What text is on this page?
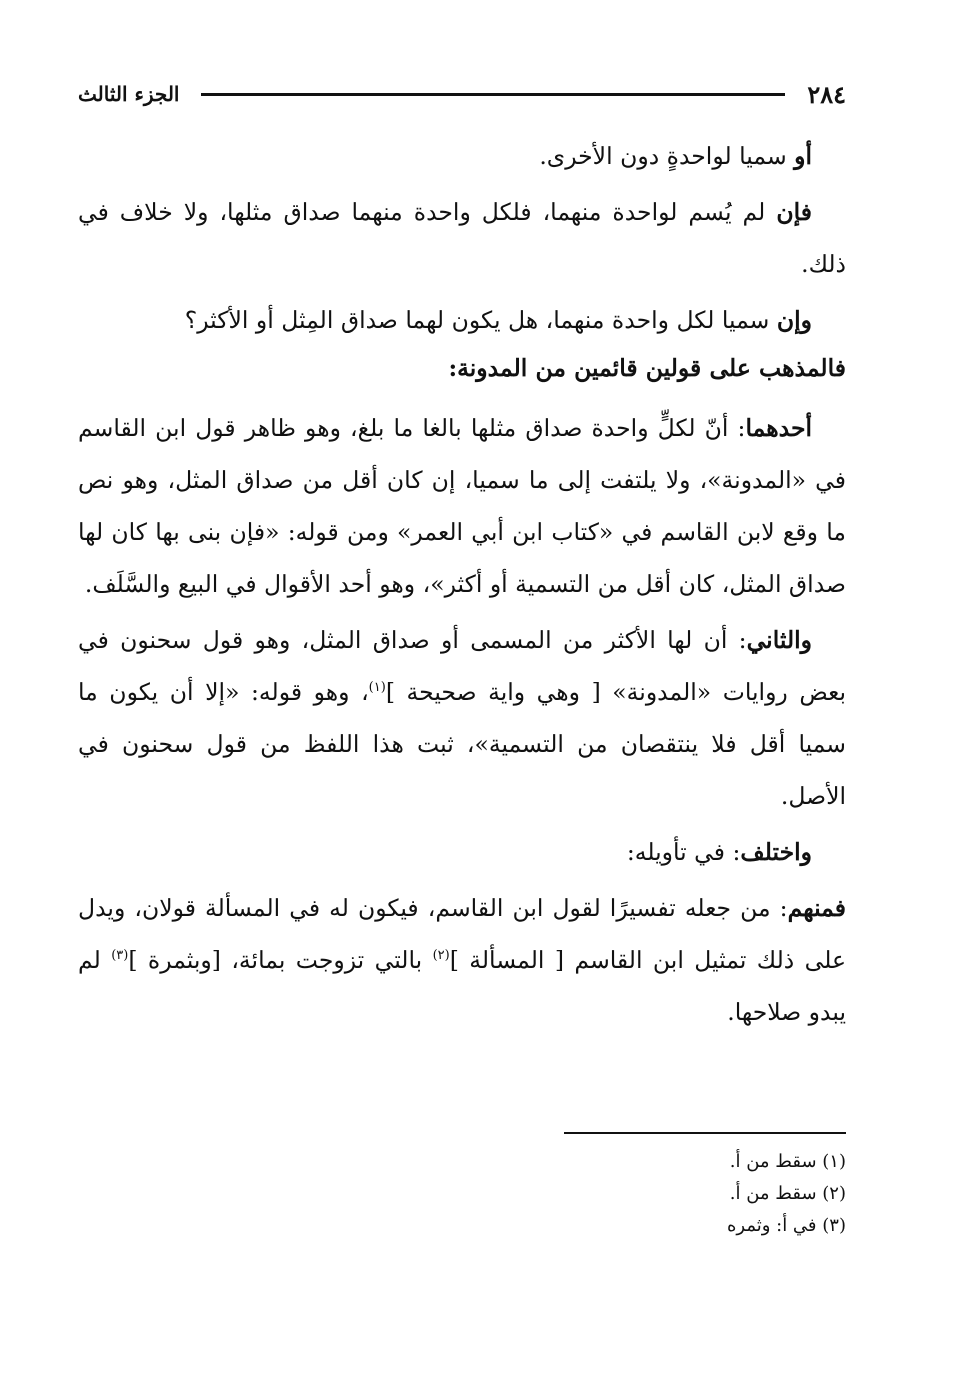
٢٨٤
الجزء الثالث

أو سميا لواحدةٍ دون الأخرى.

فإن لم يُسم لواحدة منهما، فلكل واحدة منهما صداق مثلها، ولا خلاف في ذلك.

وإن سميا لكل واحدة منهما، هل يكون لهما صداق المِثل أو الأكثر؟

فالمذهب على قولين قائمين من المدونة:

أحدهما: أنّ لكلٍّ واحدة صداق مثلها بالغا ما بلغ، وهو ظاهر قول ابن القاسم في «المدونة»، ولا يلتفت إلى ما سميا، إن كان أقل من صداق المثل، وهو نص ما وقع لابن القاسم في «كتاب ابن أبي العمر» ومن قوله: «فإن بنى بها كان لها صداق المثل، كان أقل من التسمية أو أكثر»، وهو أحد الأقوال في البيع والسَّلَف.

والثاني: أن لها الأكثر من المسمى أو صداق المثل، وهو قول سحنون في بعض روايات «المدونة» [ وهي واية صحيحة ]$^{(١)}$، وهو قوله: «إلا أن يكون ما سميا أقل فلا ينتقصان من التسمية»، ثبت هذا اللفظ من قول سحنون في الأصل.

واختلف: في تأويله:

فمنهم: من جعله تفسيرًا لقول ابن القاسم، فيكون له في المسألة قولان، ويدل على ذلك تمثيل ابن القاسم [ المسألة ]$^{(٢)}$ بالتي تزوجت بمائة، [وبثمرة ]$^{(٣)}$ لم يبدو صلاحها.

(١) سقط من أ.

(٢) سقط من أ.

(٣) في أ: وثمره
